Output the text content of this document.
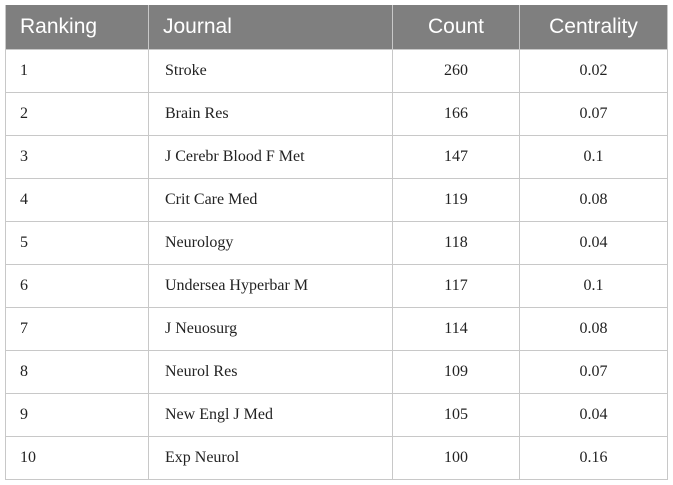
Ranking	Journal	Count	Centrality
1	Stroke	260	0.02
2	Brain Res	166	0.07
3	J Cerebr Blood F Met	147	0.1
4	Crit Care Med	119	0.08
5	Neurology	118	0.04
6	Undersea Hyperbar M	117	0.1
7	J Neuosurg	114	0.08
8	Neurol Res	109	0.07
9	New Engl J Med	105	0.04
10	Exp Neurol	100	0.16
